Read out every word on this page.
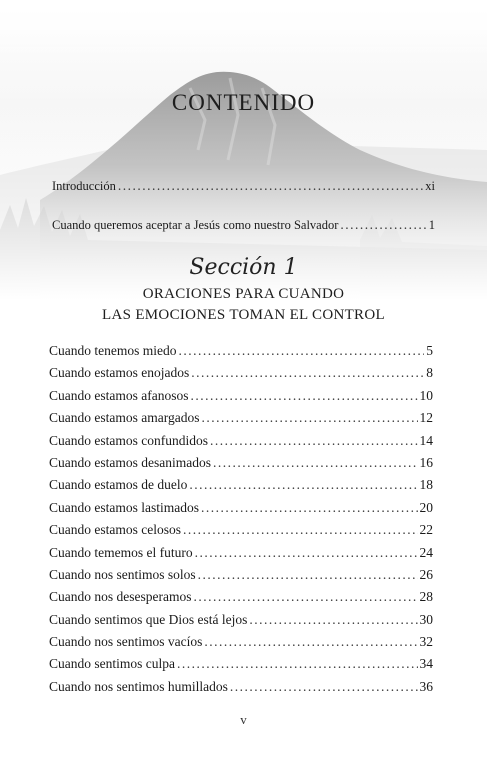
CONTENIDO
Introducción .....	xi
Cuando queremos aceptar a Jesús como nuestro Salvador .....	1
Sección 1
ORACIONES PARA CUANDO
LAS EMOCIONES TOMAN EL CONTROL
Cuando tenemos miedo .....	5
Cuando estamos enojados .....	8
Cuando estamos afanosos .....	10
Cuando estamos amargados .....	12
Cuando estamos confundidos .....	14
Cuando estamos desanimados .....	16
Cuando estamos de duelo .....	18
Cuando estamos lastimados .....	20
Cuando estamos celosos .....	22
Cuando tememos el futuro .....	24
Cuando nos sentimos solos .....	26
Cuando nos desesperamos .....	28
Cuando sentimos que Dios está lejos .....	30
Cuando nos sentimos vacíos .....	32
Cuando sentimos culpa .....	34
Cuando nos sentimos humillados .....	36
v
